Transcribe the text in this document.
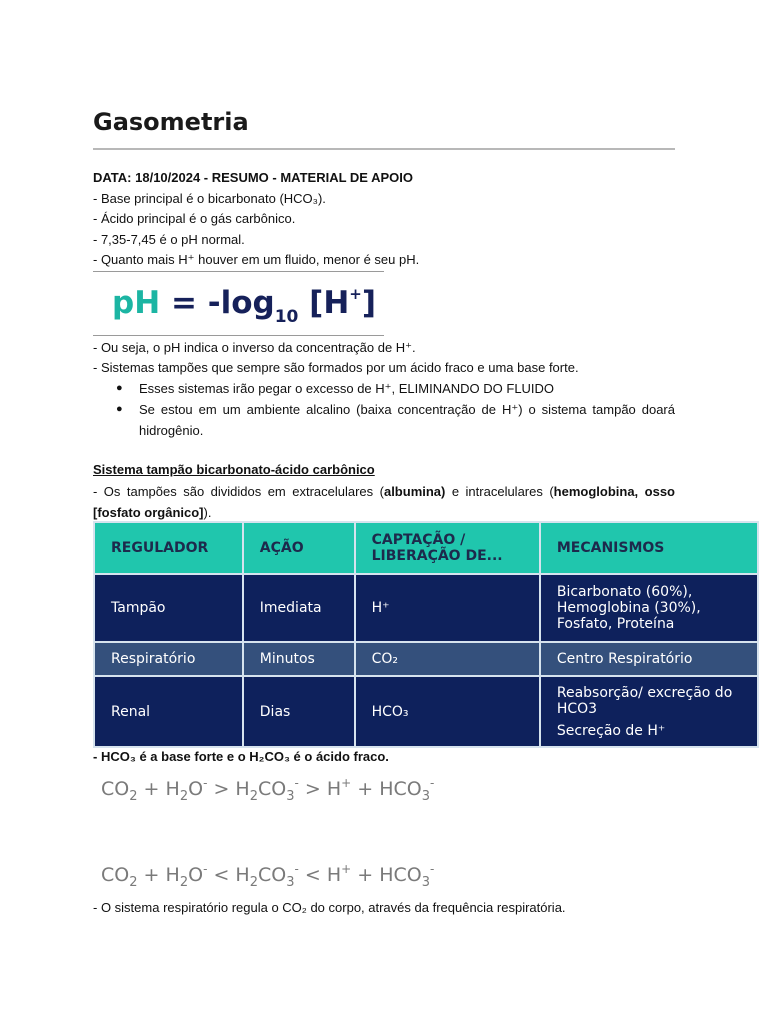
Gasometria
DATA: 18/10/2024 - RESUMO - MATERIAL DE APOIO
- Base principal é o bicarbonato (HCO₃).
- Ácido principal é o gás carbônico.
- 7,35-7,45 é o pH normal.
- Quanto mais H⁺ houver em um fluido, menor é seu pH.
pH = $-\log_{10}$ [H+]
- Ou seja, o pH indica o inverso da concentração de H⁺.
- Sistemas tampões que sempre são formados por um ácido fraco e uma base forte.
● Esses sistemas irão pegar o excesso de H⁺, ELIMINANDO DO FLUIDO
● Se estou em um ambiente alcalino (baixa concentração de H⁺) o sistema tampão doará hidrogênio.
Sistema tampão bicarbonato-ácido carbônico
- Os tampões são divididos em extracelulares (albumina) e intracelulares (hemoglobina, osso [fosfato orgânico]).
REGULADOR	AÇÃO	CAPTAÇÃO / LIBERAÇÃO DE...	MECANISMOS
Tampão	Imediata	H⁺	Bicarbonato (60%), Hemoglobina (30%), Fosfato, Proteína
Respiratório	Minutos	CO₂	Centro Respiratório
Renal	Dias	HCO₃	Reabsorção/ excreção do HCO3
Secreção de H⁺
- HCO₃ é a base forte e o H₂CO₃ é o ácido fraco.
$CO_2 + H_2O^- > H_2CO_3^- > H^+ + HCO_3^-$
$CO_2 + H_2O^- < H_2CO_3^- < H^+ + HCO_3^-$
- O sistema respiratório regula o CO₂ do corpo, através da frequência respiratória.
